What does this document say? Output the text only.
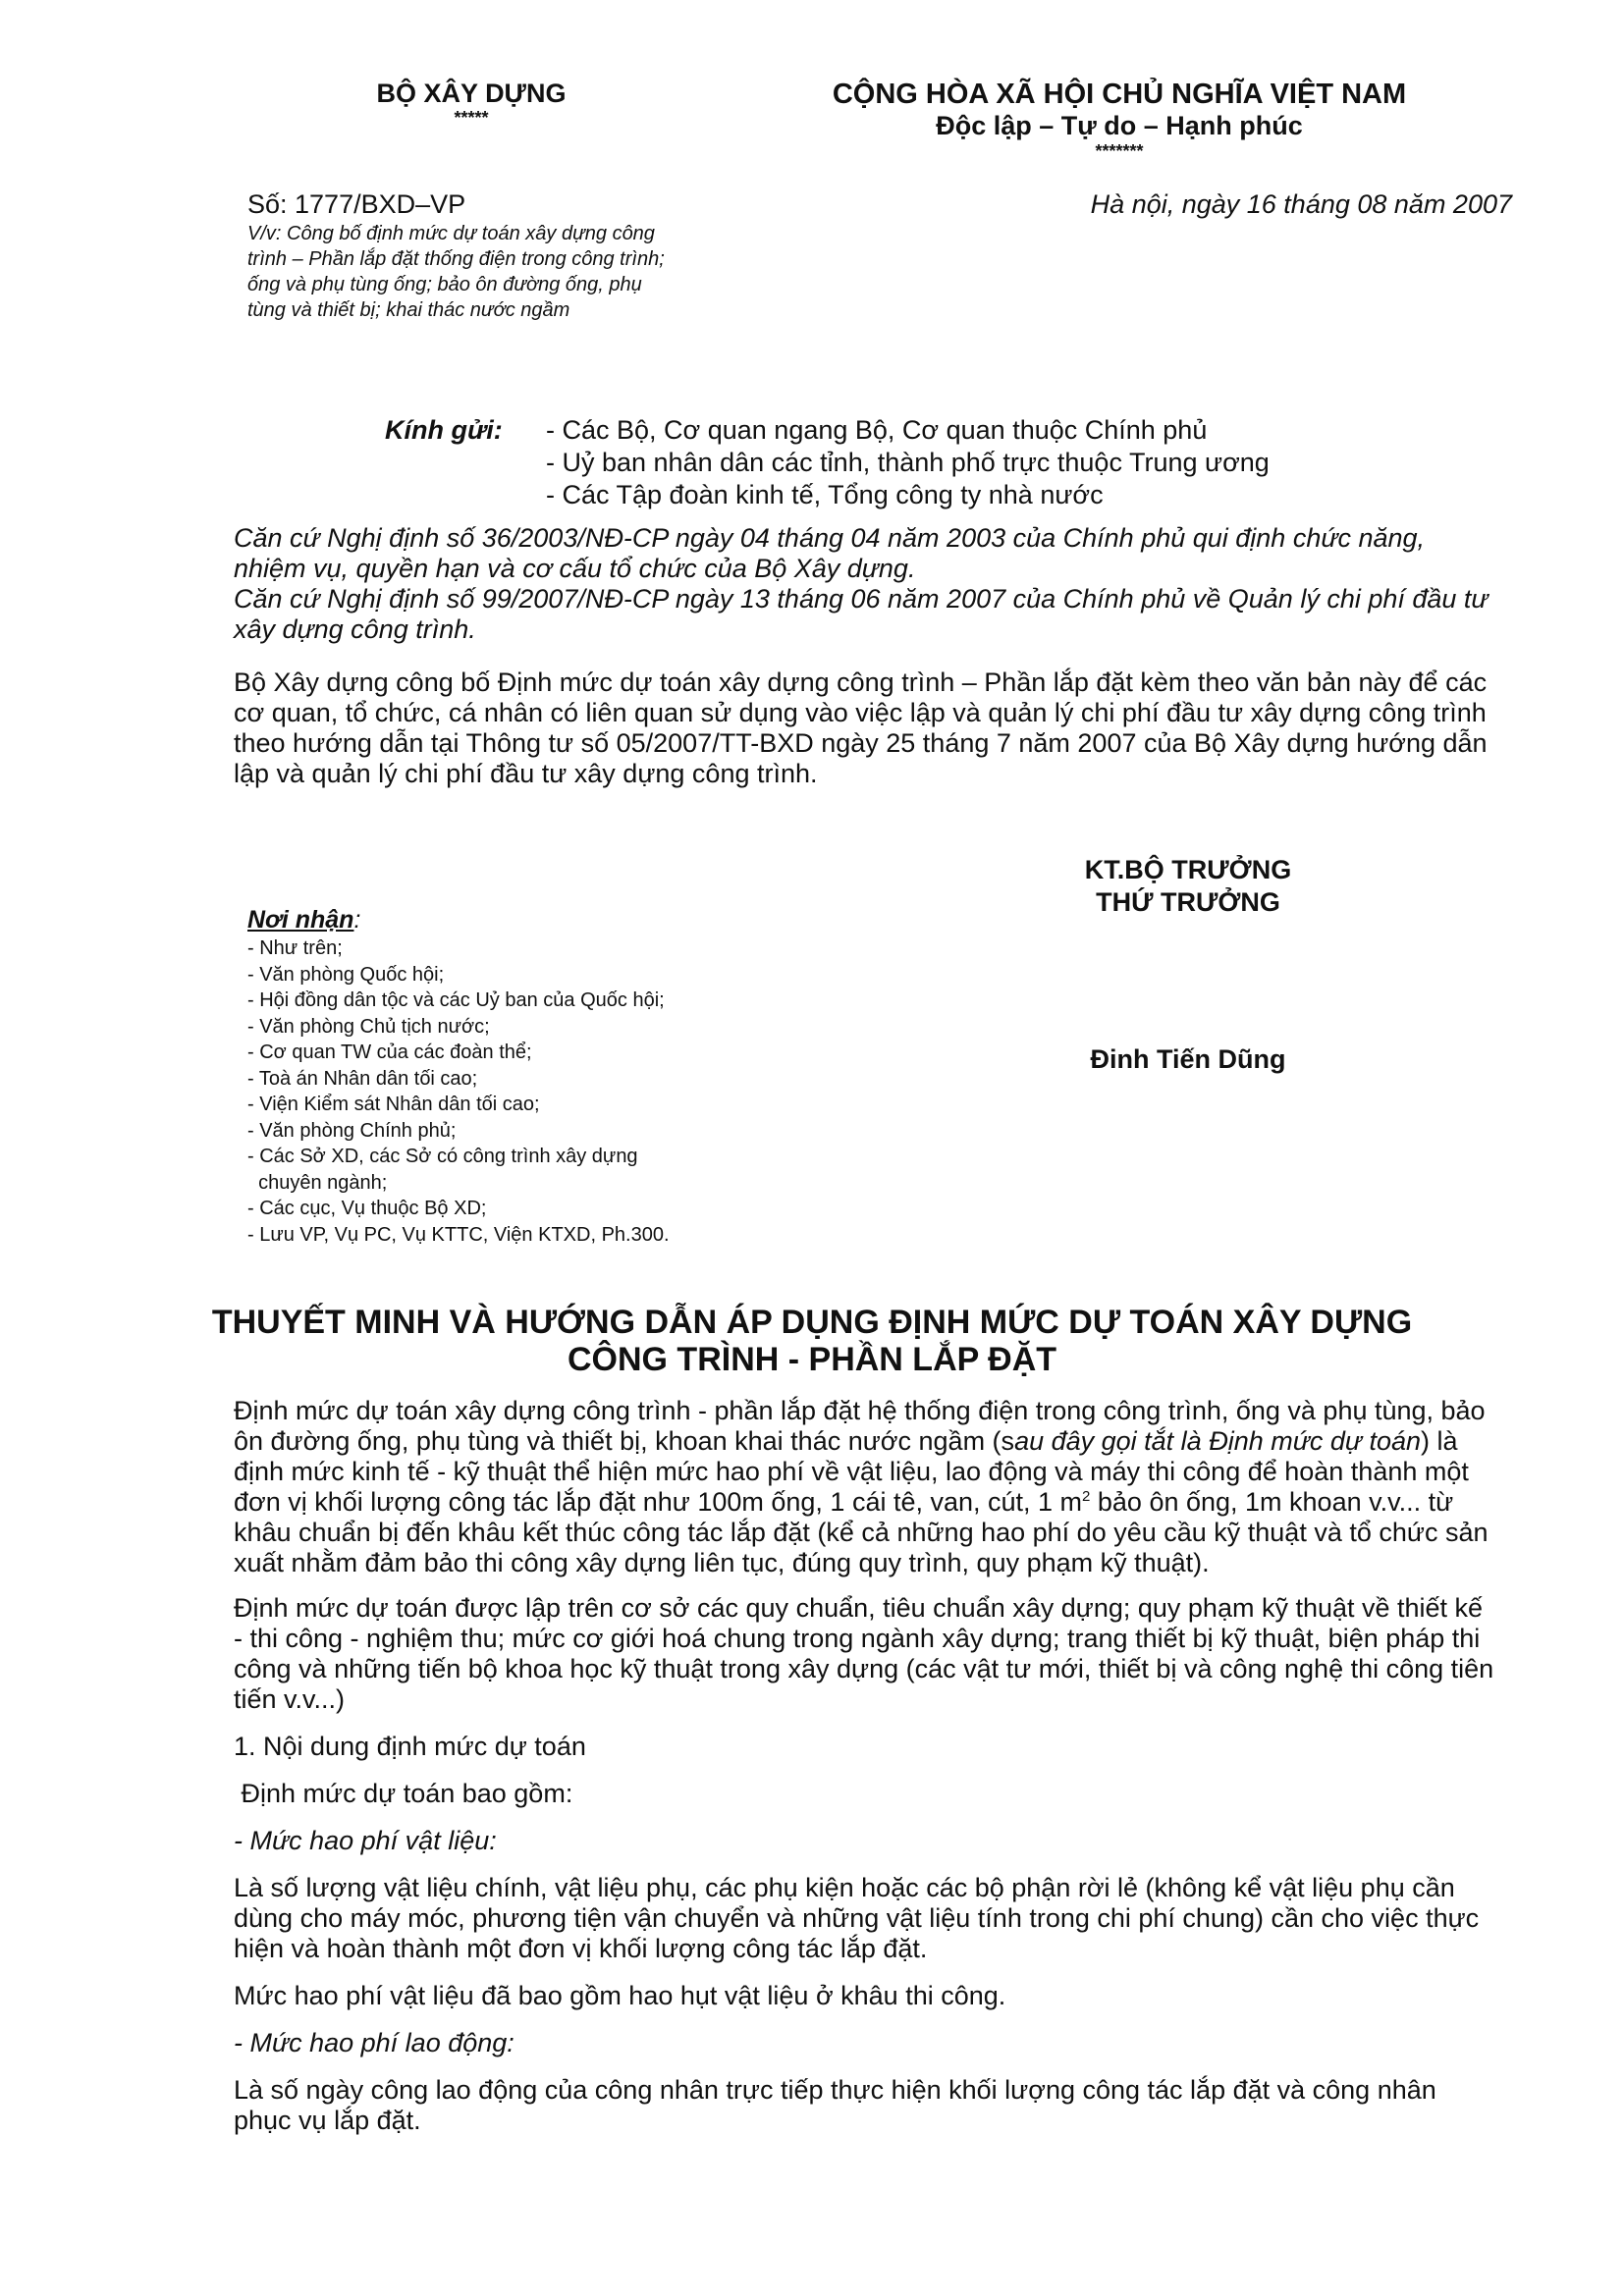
BỘ XÂY DỰNG
*****
CỘNG HÒA XÃ HỘI CHỦ NGHĨA VIỆT NAM
Độc lập – Tự do – Hạnh phúc
*******
Số: 1777/BXD–VP	Hà nội, ngày 16 tháng 08 năm 2007
V/v: Công bố định mức dự toán xây dựng công trình – Phần lắp đặt thống điện trong công trình; ống và phụ tùng ống; bảo ôn đường ống, phụ tùng và thiết bị; khai thác nước ngầm
Kính gửi: - Các Bộ, Cơ quan ngang Bộ, Cơ quan thuộc Chính phủ
- Uỷ ban nhân dân các tỉnh, thành phố trực thuộc Trung ương
- Các Tập đoàn kinh tế, Tổng công ty nhà nước

Căn cứ Nghị định số 36/2003/NĐ-CP ngày 04 tháng 04 năm 2003 của Chính phủ qui định chức năng, nhiệm vụ, quyền hạn và cơ cấu tổ chức của Bộ Xây dựng.

Căn cứ Nghị định số 99/2007/NĐ-CP ngày 13 tháng 06 năm 2007 của Chính phủ về Quản lý chi phí đầu tư xây dựng công trình.

Bộ Xây dựng công bố Định mức dự toán xây dựng công trình – Phần lắp đặt kèm theo văn bản này để các cơ quan, tổ chức, cá nhân có liên quan sử dụng vào việc lập và quản lý chi phí đầu tư xây dựng công trình theo hướng dẫn tại Thông tư số 05/2007/TT-BXD ngày 25 tháng 7 năm 2007 của Bộ Xây dựng hướng dẫn lập và quản lý chi phí đầu tư xây dựng công trình.

KT.BỘ TRƯỞNG
THỨ TRƯỞNG
Đinh Tiến Dũng
Nơi nhận:
- Như trên;
- Văn phòng Quốc hội;
- Hội đồng dân tộc và các Uỷ ban của Quốc hội;
- Văn phòng Chủ tịch nước;
- Cơ quan TW của các đoàn thể;
- Toà án Nhân dân tối cao;
- Viện Kiểm sát Nhân dân tối cao;
- Văn phòng Chính phủ;
- Các Sở XD, các Sở có công trình xây dựng
chuyên ngành;
- Các cục, Vụ thuộc Bộ XD;
- Lưu VP, Vụ PC, Vụ KTTC, Viện KTXD, Ph.300.
THUYẾT MINH VÀ HƯỚNG DẪN ÁP DỤNG ĐỊNH MỨC DỰ TOÁN XÂY DỰNG
CÔNG TRÌNH - PHẦN LẮP ĐẶT

Định mức dự toán xây dựng công trình - phần lắp đặt hệ thống điện trong công trình, ống và phụ tùng, bảo ôn đường ống, phụ tùng và thiết bị, khoan khai thác nước ngầm (sau đây gọi tắt là Định mức dự toán) là định mức kinh tế - kỹ thuật thể hiện mức hao phí về vật liệu, lao động và máy thi công để hoàn thành một đơn vị khối lượng công tác lắp đặt như 100m ống, 1 cái tê, van, cút, 1 $m^2$ bảo ôn ống, 1m khoan v.v... từ khâu chuẩn bị đến khâu kết thúc công tác lắp đặt (kể cả những hao phí do yêu cầu kỹ thuật và tổ chức sản xuất nhằm đảm bảo thi công xây dựng liên tục, đúng quy trình, quy phạm kỹ thuật).

Định mức dự toán được lập trên cơ sở các quy chuẩn, tiêu chuẩn xây dựng; quy phạm kỹ thuật về thiết kế - thi công - nghiệm thu; mức cơ giới hoá chung trong ngành xây dựng; trang thiết bị kỹ thuật, biện pháp thi công và những tiến bộ khoa học kỹ thuật trong xây dựng (các vật tư mới, thiết bị và công nghệ thi công tiên tiến v.v...)

1. Nội dung định mức dự toán

Định mức dự toán bao gồm:

- Mức hao phí vật liệu:

Là số lượng vật liệu chính, vật liệu phụ, các phụ kiện hoặc các bộ phận rời lẻ (không kể vật liệu phụ cần dùng cho máy móc, phương tiện vận chuyển và những vật liệu tính trong chi phí chung) cần cho việc thực hiện và hoàn thành một đơn vị khối lượng công tác lắp đặt.

Mức hao phí vật liệu đã bao gồm hao hụt vật liệu ở khâu thi công.

- Mức hao phí lao động:

Là số ngày công lao động của công nhân trực tiếp thực hiện khối lượng công tác lắp đặt và công nhân phục vụ lắp đặt.
